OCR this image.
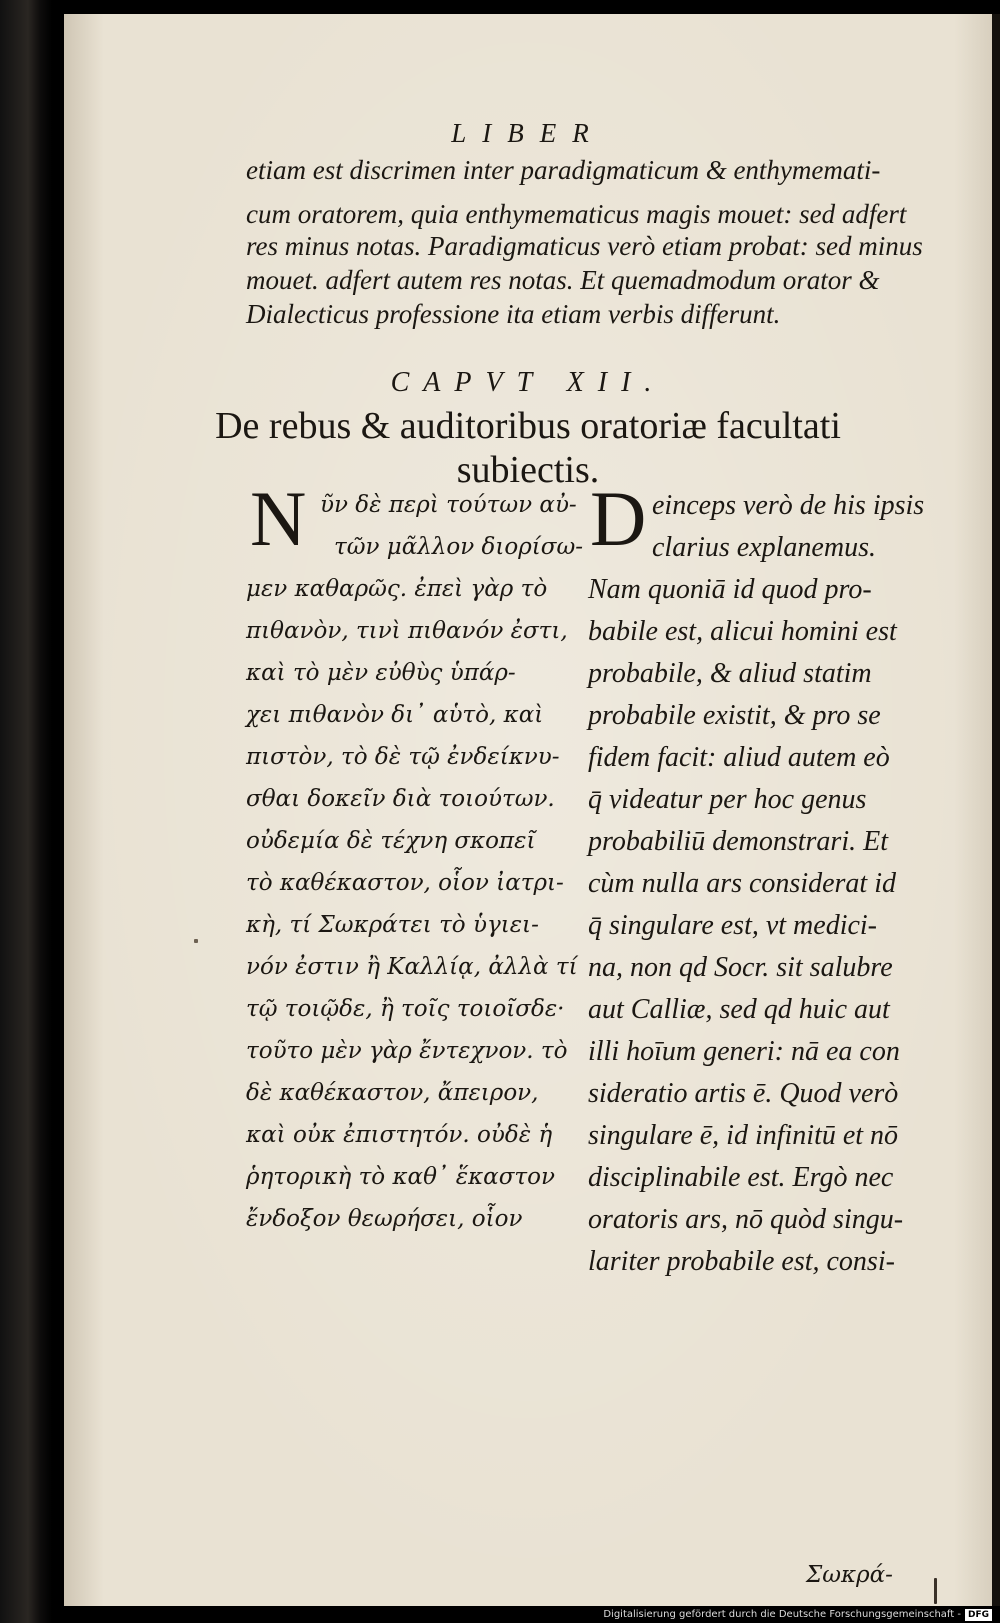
LIBER
etiam est discrimen inter paradigmaticum & enthymemati-
cum oratorem, quia enthymematicus magis mouet: sed adfert
res minus notas. Paradigmaticus verò etiam probat: sed minus
mouet. adfert autem res notas. Et quemadmodum orator &
Dialecticus professione ita etiam verbis differunt.
CAPVT XII.
De rebus & auditoribus oratoriæ facultati
subiectis.
N ῦν δὲ περὶ τούτων αὐ-
τῶν μᾶλλον διορίσω-
μεν καθαρῶς. ἐπεὶ γὰρ τὸ
πιθανὸν, τινὶ πιθανόν ἐστι,
καὶ τὸ μὲν εὐθὺς ὑπάρ-
χει πιθανὸν δι᾽ αὑτὸ, καὶ
πιστὸν, τὸ δὲ τῷ ἐνδείκνυ-
σθαι δοκεῖν διὰ τοιούτων.
οὐδεμία δὲ τέχνη σκοπεῖ
τὸ καθέκαστον, οἷον ἰατρι-
κὴ, τί Σωκράτει τὸ ὑγιει-
νόν ἐστιν ἢ Καλλίᾳ, ἀλλὰ τί
τῷ τοιῷδε, ἢ τοῖς τοιοῖσδε·
τοῦτο μὲν γὰρ ἔντεχνον. τὸ
δὲ καθέκαστον, ἄπειρον,
καὶ οὐκ ἐπιστητόν. οὐδὲ ἡ
ῥητορικὴ τὸ καθ᾽ ἕκαστον
ἔνδοξον θεωρήσει, οἷον
D einceps verò de his ipsis
clarius explanemus.
Nam quoniā id quod pro-
babile est, alicui homini est
probabile, & aliud statim
probabile existit, & pro se
fidem facit: aliud autem eò
q̄ videatur per hoc genus
probabiliū demonstrari. Et
cùm nulla ars considerat id
q̄ singulare est, vt medici-
na, non qd Socr. sit salubre
aut Calliæ, sed qd huic aut
illi hoīum generi: nā ea con
sideratio artis ē. Quod verò
singulare ē, id infinitū et nō
disciplinabile est. Ergò nec
oratoris ars, nō quòd singu-
lariter probabile est, consi-
Σωκρά-
Digitalisierung gefördert durch die Deutsche Forschungsgemeinschaft - DFG
